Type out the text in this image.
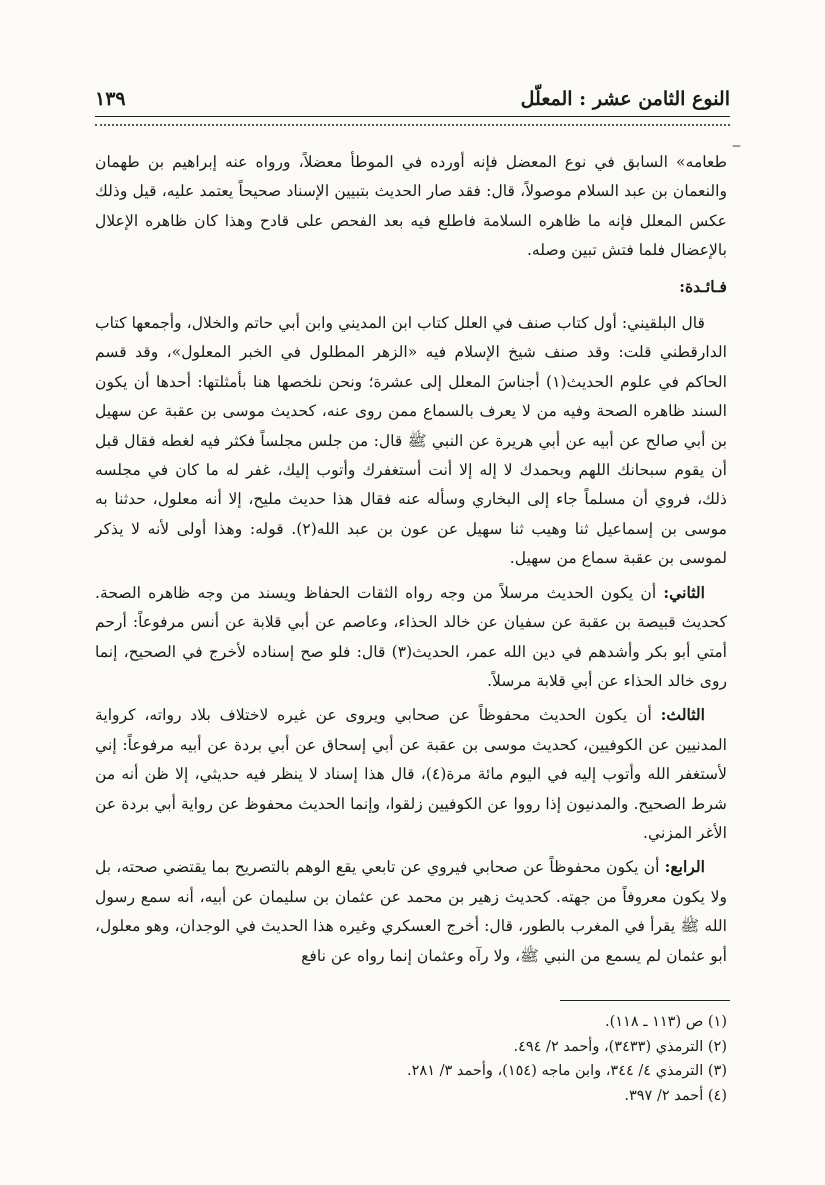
النوع الثامن عشر : المعلّل
١٣٩
‒

طعامه» السابق في نوع المعضل فإنه أورده في الموطأ معضلاً، ورواه عنه إبراهيم بن طهمان والنعمان بن عبد السلام موصولاً، قال: فقد صار الحديث بتبيين الإسناد صحيحاً يعتمد عليه، قيل وذلك عكس المعلل فإنه ما ظاهره السلامة فاطلع فيه بعد الفحص على قادح وهذا كان ظاهره الإعلال بالإعضال فلما فتش تبين وصله.

فـائـدة:

قال البلقيني: أول كتاب صنف في العلل كتاب ابن المديني وابن أبي حاتم والخلال، وأجمعها كتاب الدارقطني قلت: وقد صنف شيخ الإسلام فيه «الزهر المطلول في الخبر المعلول»، وقد قسم الحاكم في علوم الحديث(١) أجناسَ المعلل إلى عشرة؛ ونحن نلخصها هنا بأمثلتها: أحدها أن يكون السند ظاهره الصحة وفيه من لا يعرف بالسماع ممن روى عنه، كحديث موسى بن عقبة عن سهيل بن أبي صالح عن أبيه عن أبي هريرة عن النبي ﷺ قال: من جلس مجلساً فكثر فيه لغطه فقال قبل أن يقوم سبحانك اللهم وبحمدك لا إله إلا أنت أستغفرك وأتوب إليك، غفر له ما كان في مجلسه ذلك، فروي أن مسلماً جاء إلى البخاري وسأله عنه فقال هذا حديث مليح، إلا أنه معلول، حدثنا به موسى بن إسماعيل ثنا وهيب ثنا سهيل عن عون بن عبد الله(٢). قوله: وهذا أولى لأنه لا يذكر لموسى بن عقبة سماع من سهيل.

الثاني: أن يكون الحديث مرسلاً من وجه رواه الثقات الحفاظ ويسند من وجه ظاهره الصحة. كحديث قبيصة بن عقبة عن سفيان عن خالد الحذاء، وعاصم عن أبي قلابة عن أنس مرفوعاً: أرحم أمتي أبو بكر وأشدهم في دين الله عمر، الحديث(٣) قال: فلو صح إسناده لأخرج في الصحيح، إنما روى خالد الحذاء عن أبي قلابة مرسلاً.

الثالث: أن يكون الحديث محفوظاً عن صحابي ويروى عن غيره لاختلاف بلاد رواته، كرواية المدنيين عن الكوفيين، كحديث موسى بن عقبة عن أبي إسحاق عن أبي بردة عن أبيه مرفوعاً: إني لأستغفر الله وأتوب إليه في اليوم مائة مرة(٤)، قال هذا إسناد لا ينظر فيه حديثي، إلا ظن أنه من شرط الصحيح. والمدنيون إذا رووا عن الكوفيين زلقوا، وإنما الحديث محفوظ عن رواية أبي بردة عن الأغر المزني.

الرابع: أن يكون محفوظاً عن صحابي فيروي عن تابعي يقع الوهم بالتصريح بما يقتضي صحته، بل ولا يكون معروفاً من جهته. كحديث زهير بن محمد عن عثمان بن سليمان عن أبيه، أنه سمع رسول الله ﷺ يقرأ في المغرب بالطور، قال: أخرج العسكري وغيره هذا الحديث في الوجدان، وهو معلول، أبو عثمان لم يسمع من النبي ﷺ، ولا رآه وعثمان إنما رواه عن نافع

(١) ص (١١٣ ـ ١١٨).
(٢) الترمذي (٣٤٣٣)، وأحمد ٢/ ٤٩٤.
(٣) الترمذي ٤/ ٣٤٤، وابن ماجه (١٥٤)، وأحمد ٣/ ٢٨١.
(٤) أحمد ٢/ ٣٩٧.
